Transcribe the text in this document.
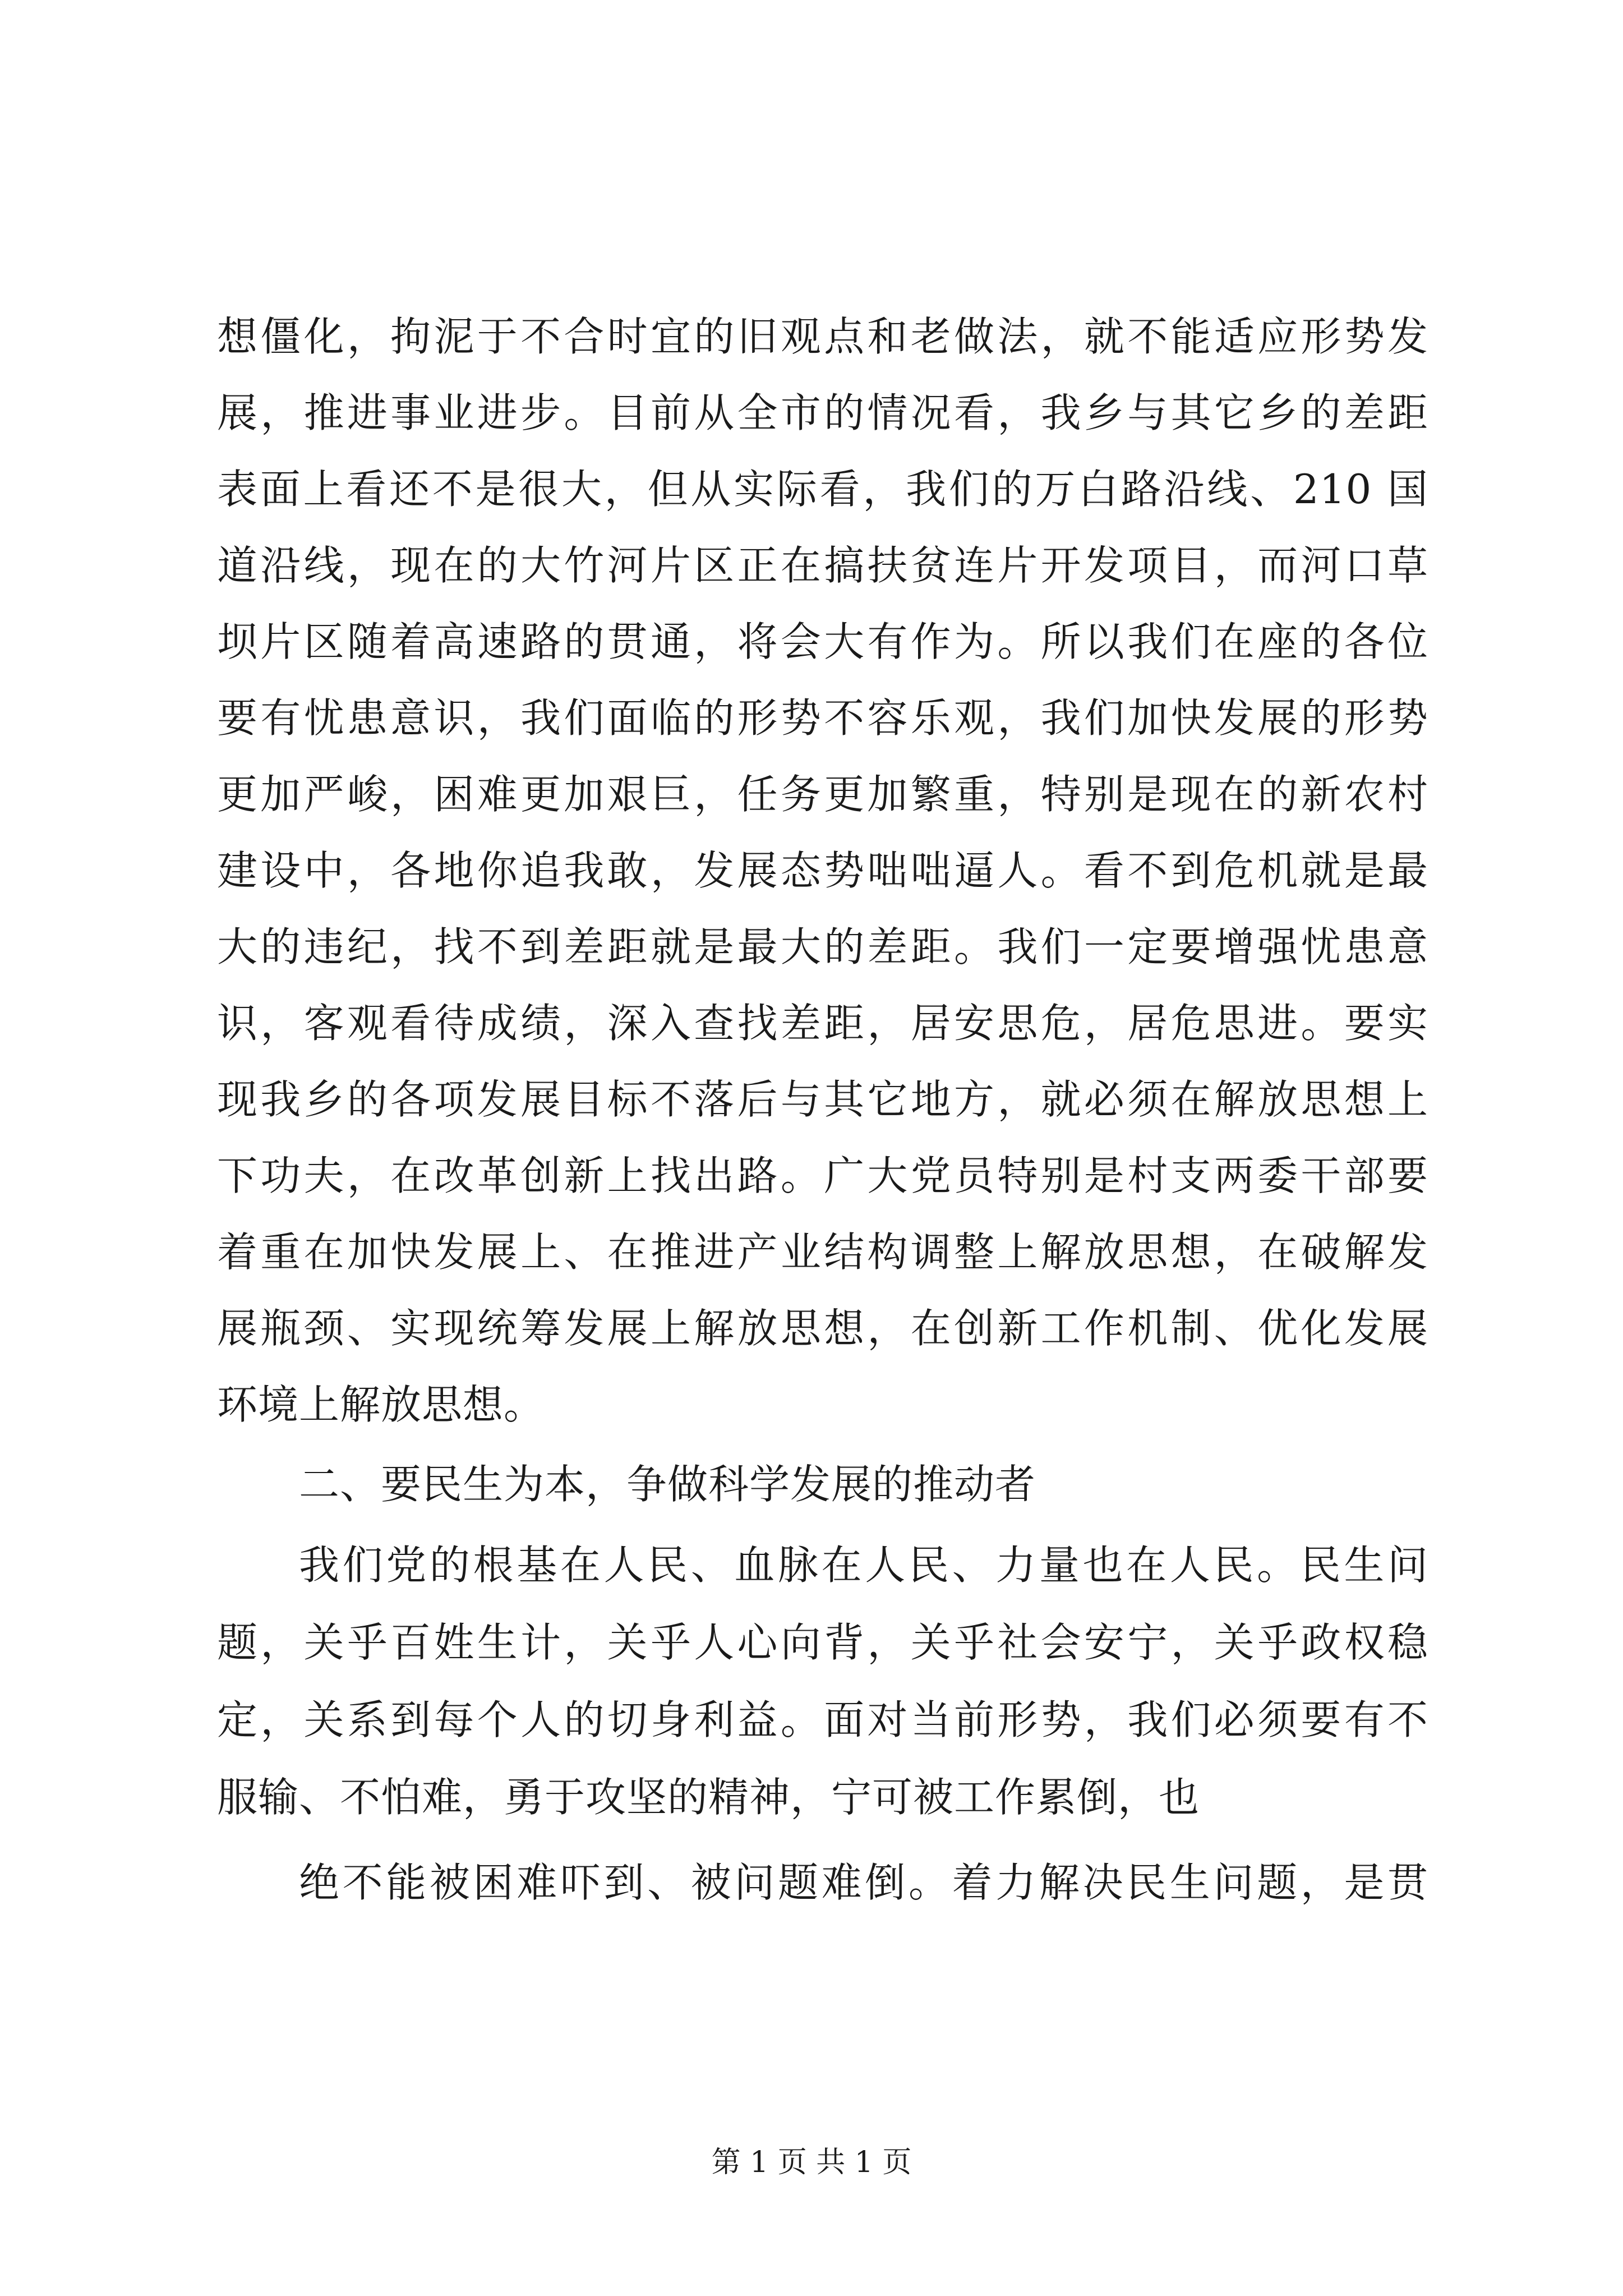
想僵化，拘泥于不合时宜的旧观点和老做法，就不能适应形势发
展，推进事业进步。目前从全市的情况看，我乡与其它乡的差距
表面上看还不是很大，但从实际看，我们的万白路沿线、210 国
道沿线，现在的大竹河片区正在搞扶贫连片开发项目，而河口草
坝片区随着高速路的贯通，将会大有作为。所以我们在座的各位
要有忧患意识，我们面临的形势不容乐观，我们加快发展的形势
更加严峻，困难更加艰巨，任务更加繁重，特别是现在的新农村
建设中，各地你追我敢，发展态势咄咄逼人。看不到危机就是最
大的违纪，找不到差距就是最大的差距。我们一定要增强忧患意
识，客观看待成绩，深入查找差距，居安思危，居危思进。要实
现我乡的各项发展目标不落后与其它地方，就必须在解放思想上
下功夫，在改革创新上找出路。广大党员特别是村支两委干部要
着重在加快发展上、在推进产业结构调整上解放思想，在破解发
展瓶颈、实现统筹发展上解放思想，在创新工作机制、优化发展
环境上解放思想。
二、要民生为本，争做科学发展的推动者
我们党的根基在人民、血脉在人民、力量也在人民。民生问
题，关乎百姓生计，关乎人心向背，关乎社会安宁，关乎政权稳
定，关系到每个人的切身利益。面对当前形势，我们必须要有不
服输、不怕难，勇于攻坚的精神，宁可被工作累倒，也
绝不能被困难吓到、被问题难倒。着力解决民生问题，是贯
第 1 页 共 1 页
